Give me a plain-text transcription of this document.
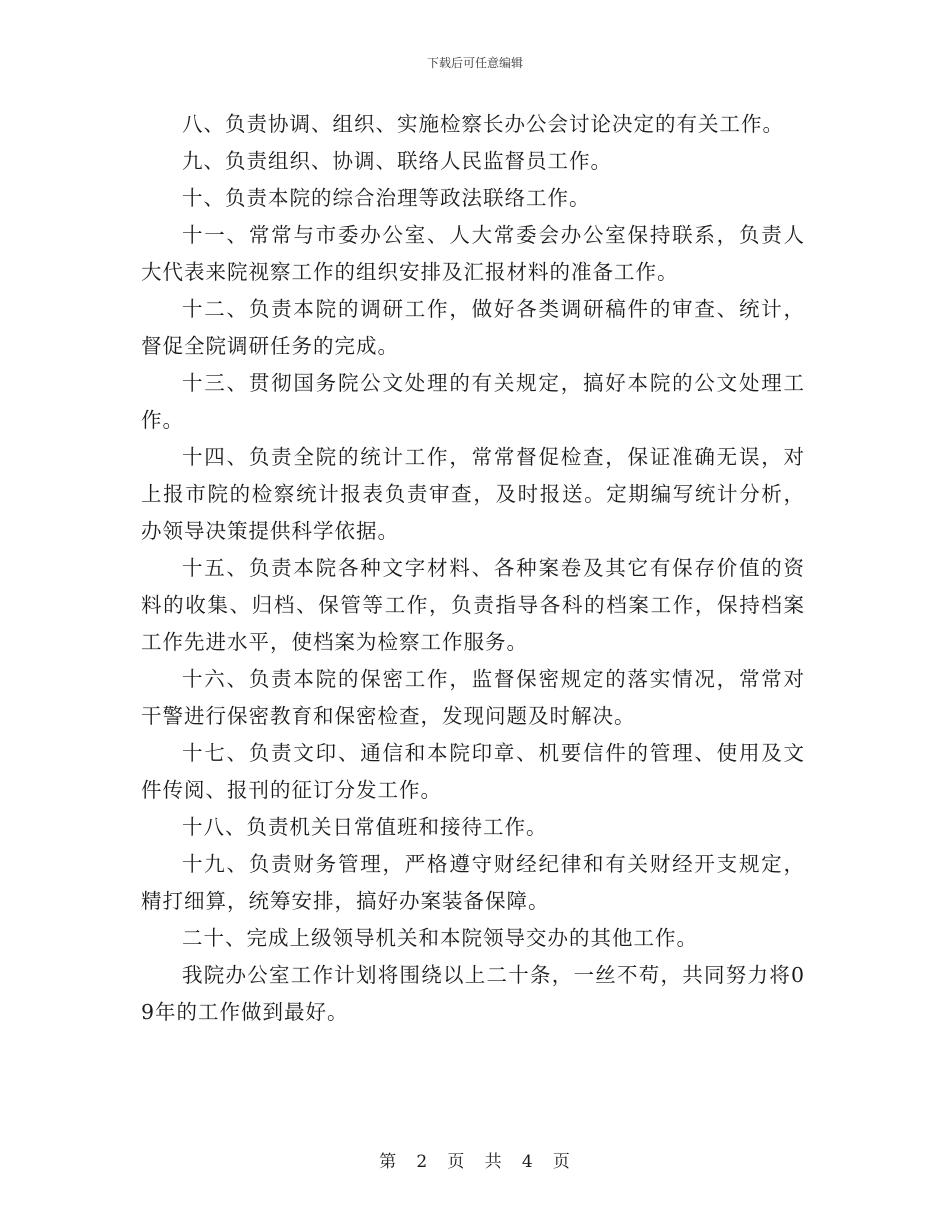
下载后可任意编辑

八、负责协调、组织、实施检察长办公会讨论决定的有关工作。

九、负责组织、协调、联络人民监督员工作。

十、负责本院的综合治理等政法联络工作。

十一、常常与市委办公室、人大常委会办公室保持联系，负责人大代表来院视察工作的组织安排及汇报材料的准备工作。

十二、负责本院的调研工作，做好各类调研稿件的审查、统计，督促全院调研任务的完成。

十三、贯彻国务院公文处理的有关规定，搞好本院的公文处理工作。

十四、负责全院的统计工作，常常督促检查，保证准确无误，对上报市院的检察统计报表负责审查，及时报送。定期编写统计分析，办领导决策提供科学依据。

十五、负责本院各种文字材料、各种案卷及其它有保存价值的资料的收集、归档、保管等工作，负责指导各科的档案工作，保持档案工作先进水平，使档案为检察工作服务。

十六、负责本院的保密工作，监督保密规定的落实情况，常常对干警进行保密教育和保密检查，发现问题及时解决。

十七、负责文印、通信和本院印章、机要信件的管理、使用及文件传阅、报刊的征订分发工作。

十八、负责机关日常值班和接待工作。

十九、负责财务管理，严格遵守财经纪律和有关财经开支规定，精打细算，统筹安排，搞好办案装备保障。

二十、完成上级领导机关和本院领导交办的其他工作。

我院办公室工作计划将围绕以上二十条，一丝不苟，共同努力将09年的工作做到最好。

第 2 页 共 4 页
